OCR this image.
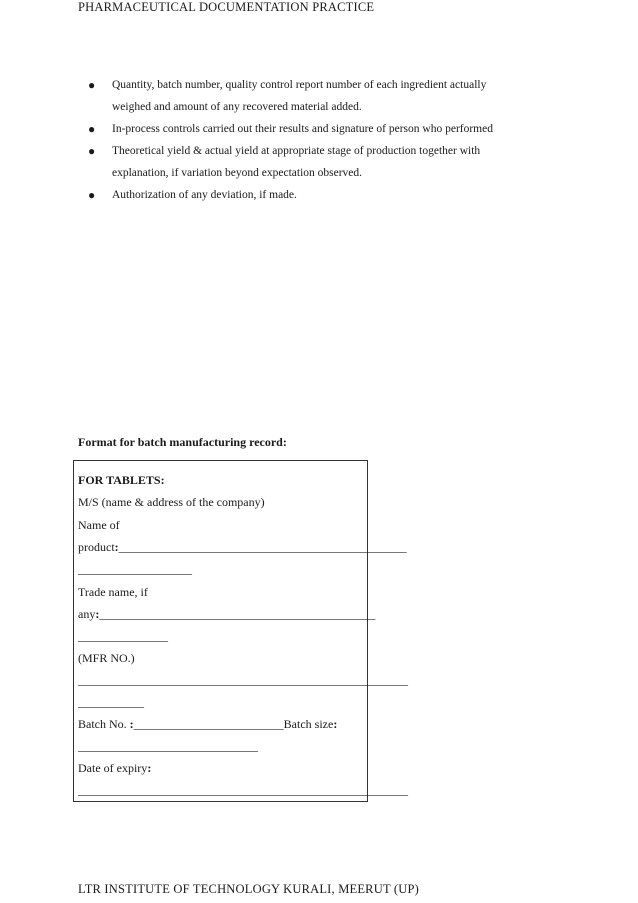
PHARMACEUTICAL DOCUMENTATION PRACTICE
● Quantity, batch number, quality control report number of each ingredient actually
weighed and amount of any recovered material added.
● In-process controls carried out their results and signature of person who performed
● Theoretical yield & actual yield at appropriate stage of production together with
explanation, if variation beyond expectation observed.
● Authorization of any deviation, if made.
Format for batch manufacturing record:
FOR TABLETS:
M/S (name & address of the company)
Name of
product:________________________________________________
___________________
Trade name, if
any:______________________________________________
_______________
(MFR NO.)
_______________________________________________________
___________
Batch No. :_________________________Batch size:
______________________________
Date of expiry:
_______________________________________________________
LTR INSTITUTE OF TECHNOLOGY KURALI, MEERUT (UP)
